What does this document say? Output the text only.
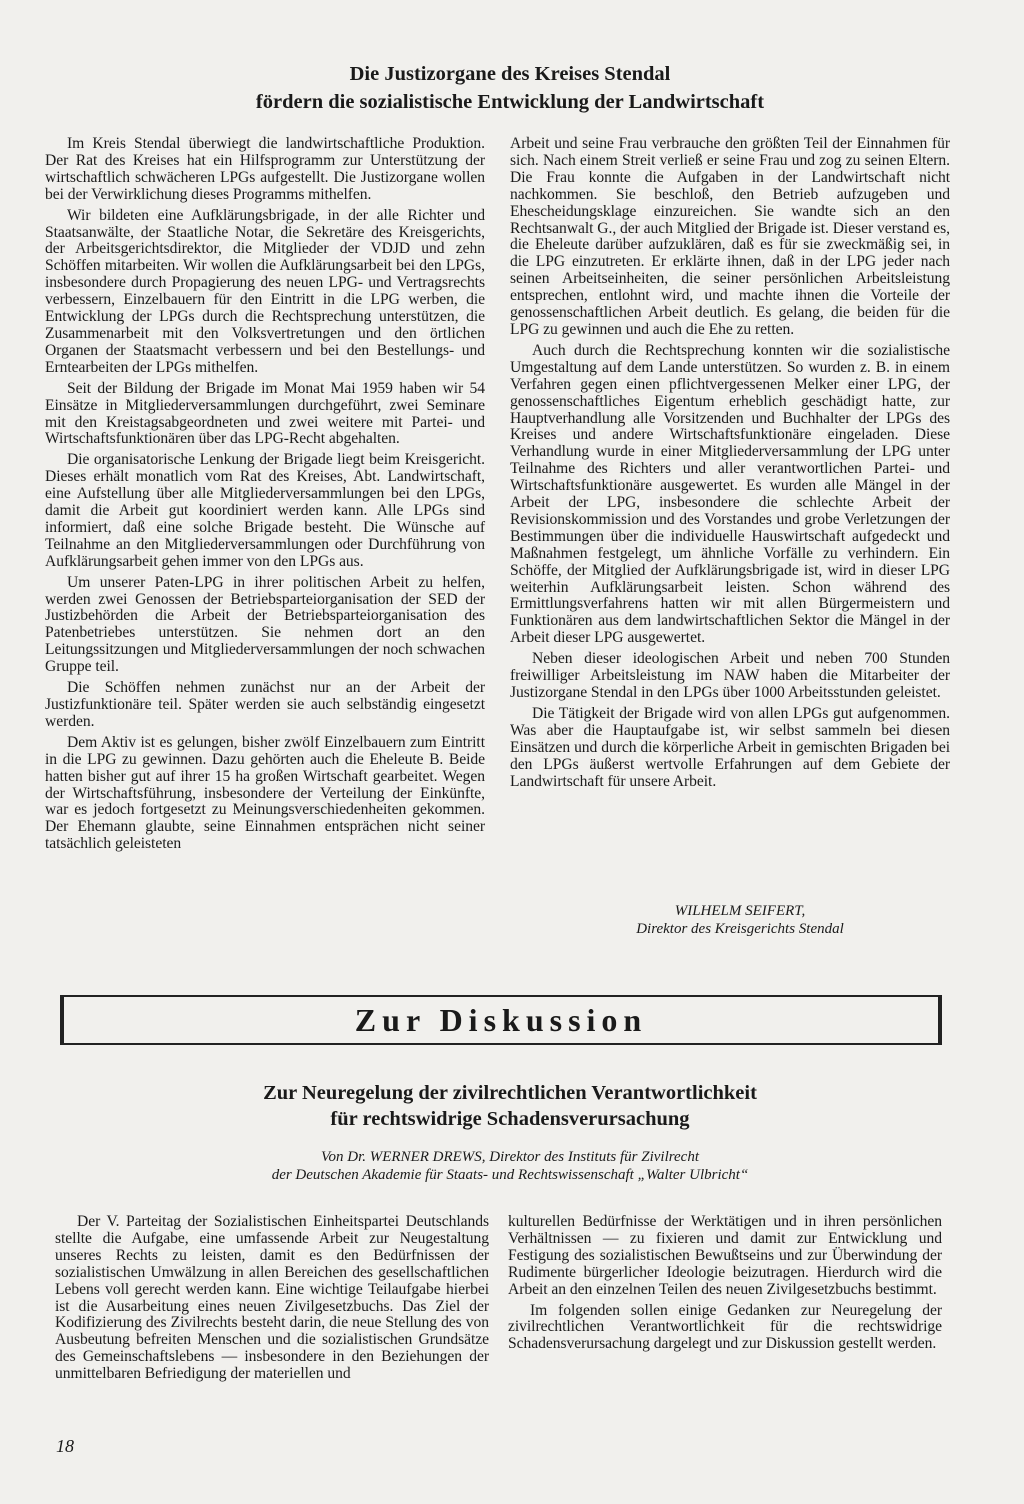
Die Justizorgane des Kreises Stendal
fördern die sozialistische Entwicklung der Landwirtschaft

Im Kreis Stendal überwiegt die landwirtschaftliche Produktion. Der Rat des Kreises hat ein Hilfsprogramm zur Unterstützung der wirtschaftlich schwächeren LPGs aufgestellt. Die Justizorgane wollen bei der Verwirklichung dieses Programms mithelfen.

Wir bildeten eine Aufklärungsbrigade, in der alle Richter und Staatsanwälte, der Staatliche Notar, die Sekretäre des Kreisgerichts, der Arbeitsgerichtsdirektor, die Mitglieder der VDJD und zehn Schöffen mitarbeiten. Wir wollen die Aufklärungsarbeit bei den LPGs, insbesondere durch Propagierung des neuen LPG- und Vertragsrechts verbessern, Einzelbauern für den Eintritt in die LPG werben, die Entwicklung der LPGs durch die Rechtsprechung unterstützen, die Zusammenarbeit mit den Volksvertretungen und den örtlichen Organen der Staatsmacht verbessern und bei den Bestellungs- und Erntearbeiten der LPGs mithelfen.

Seit der Bildung der Brigade im Monat Mai 1959 haben wir 54 Einsätze in Mitgliederversammlungen durchgeführt, zwei Seminare mit den Kreistagsabgeordneten und zwei weitere mit Partei- und Wirtschaftsfunktionären über das LPG-Recht abgehalten.

Die organisatorische Lenkung der Brigade liegt beim Kreisgericht. Dieses erhält monatlich vom Rat des Kreises, Abt. Landwirtschaft, eine Aufstellung über alle Mitgliederversammlungen bei den LPGs, damit die Arbeit gut koordiniert werden kann. Alle LPGs sind informiert, daß eine solche Brigade besteht. Die Wünsche auf Teilnahme an den Mitgliederversammlungen oder Durchführung von Aufklärungsarbeit gehen immer von den LPGs aus.

Um unserer Paten-LPG in ihrer politischen Arbeit zu helfen, werden zwei Genossen der Betriebsparteiorganisation der SED der Justizbehörden die Arbeit der Betriebsparteiorganisation des Patenbetriebes unterstützen. Sie nehmen dort an den Leitungssitzungen und Mitgliederversammlungen der noch schwachen Gruppe teil.

Die Schöffen nehmen zunächst nur an der Arbeit der Justizfunktionäre teil. Später werden sie auch selbständig eingesetzt werden.

Dem Aktiv ist es gelungen, bisher zwölf Einzelbauern zum Eintritt in die LPG zu gewinnen. Dazu gehörten auch die Eheleute B. Beide hatten bisher gut auf ihrer 15 ha großen Wirtschaft gearbeitet. Wegen der Wirtschaftsführung, insbesondere der Verteilung der Einkünfte, war es jedoch fortgesetzt zu Meinungsverschiedenheiten gekommen. Der Ehemann glaubte, seine Einnahmen entsprächen nicht seiner tatsächlich geleisteten

Arbeit und seine Frau verbrauche den größten Teil der Einnahmen für sich. Nach einem Streit verließ er seine Frau und zog zu seinen Eltern. Die Frau konnte die Aufgaben in der Landwirtschaft nicht nachkommen. Sie beschloß, den Betrieb aufzugeben und Ehescheidungsklage einzureichen. Sie wandte sich an den Rechtsanwalt G., der auch Mitglied der Brigade ist. Dieser verstand es, die Eheleute darüber aufzuklären, daß es für sie zweckmäßig sei, in die LPG einzutreten. Er erklärte ihnen, daß in der LPG jeder nach seinen Arbeitseinheiten, die seiner persönlichen Arbeitsleistung entsprechen, entlohnt wird, und machte ihnen die Vorteile der genossenschaftlichen Arbeit deutlich. Es gelang, die beiden für die LPG zu gewinnen und auch die Ehe zu retten.

Auch durch die Rechtsprechung konnten wir die sozialistische Umgestaltung auf dem Lande unterstützen. So wurden z. B. in einem Verfahren gegen einen pflichtvergessenen Melker einer LPG, der genossenschaftliches Eigentum erheblich geschädigt hatte, zur Hauptverhandlung alle Vorsitzenden und Buchhalter der LPGs des Kreises und andere Wirtschaftsfunktionäre eingeladen. Diese Verhandlung wurde in einer Mitgliederversammlung der LPG unter Teilnahme des Richters und aller verantwortlichen Partei- und Wirtschaftsfunktionäre ausgewertet. Es wurden alle Mängel in der Arbeit der LPG, insbesondere die schlechte Arbeit der Revisionskommission und des Vorstandes und grobe Verletzungen der Bestimmungen über die individuelle Hauswirtschaft aufgedeckt und Maßnahmen festgelegt, um ähnliche Vorfälle zu verhindern. Ein Schöffe, der Mitglied der Aufklärungsbrigade ist, wird in dieser LPG weiterhin Aufklärungsarbeit leisten. Schon während des Ermittlungsverfahrens hatten wir mit allen Bürgermeistern und Funktionären aus dem landwirtschaftlichen Sektor die Mängel in der Arbeit dieser LPG ausgewertet.

Neben dieser ideologischen Arbeit und neben 700 Stunden freiwilliger Arbeitsleistung im NAW haben die Mitarbeiter der Justizorgane Stendal in den LPGs über 1000 Arbeitsstunden geleistet.

Die Tätigkeit der Brigade wird von allen LPGs gut aufgenommen. Was aber die Hauptaufgabe ist, wir selbst sammeln bei diesen Einsätzen und durch die körperliche Arbeit in gemischten Brigaden bei den LPGs äußerst wertvolle Erfahrungen auf dem Gebiete der Landwirtschaft für unsere Arbeit.

WILHELM SEIFERT,
Direktor des Kreisgerichts Stendal
Zur Diskussion
Zur Neuregelung der zivilrechtlichen Verantwortlichkeit
für rechtswidrige Schadensverursachung
Von Dr. WERNER DREWS, Direktor des Instituts für Zivilrecht
der Deutschen Akademie für Staats- und Rechtswissenschaft „Walter Ulbricht“

Der V. Parteitag der Sozialistischen Einheitspartei Deutschlands stellte die Aufgabe, eine umfassende Arbeit zur Neugestaltung unseres Rechts zu leisten, damit es den Bedürfnissen der sozialistischen Umwälzung in allen Bereichen des gesellschaftlichen Lebens voll gerecht werden kann. Eine wichtige Teilaufgabe hierbei ist die Ausarbeitung eines neuen Zivilgesetzbuchs. Das Ziel der Kodifizierung des Zivilrechts besteht darin, die neue Stellung des von Ausbeutung befreiten Menschen und die sozialistischen Grundsätze des Gemeinschaftslebens — insbesondere in den Beziehungen der unmittelbaren Befriedigung der materiellen und

kulturellen Bedürfnisse der Werktätigen und in ihren persönlichen Verhältnissen — zu fixieren und damit zur Entwicklung und Festigung des sozialistischen Bewußtseins und zur Überwindung der Rudimente bürgerlicher Ideologie beizutragen. Hierdurch wird die Arbeit an den einzelnen Teilen des neuen Zivilgesetzbuchs bestimmt.

Im folgenden sollen einige Gedanken zur Neuregelung der zivilrechtlichen Verantwortlichkeit für die rechtswidrige Schadensverursachung dargelegt und zur Diskussion gestellt werden.

18
